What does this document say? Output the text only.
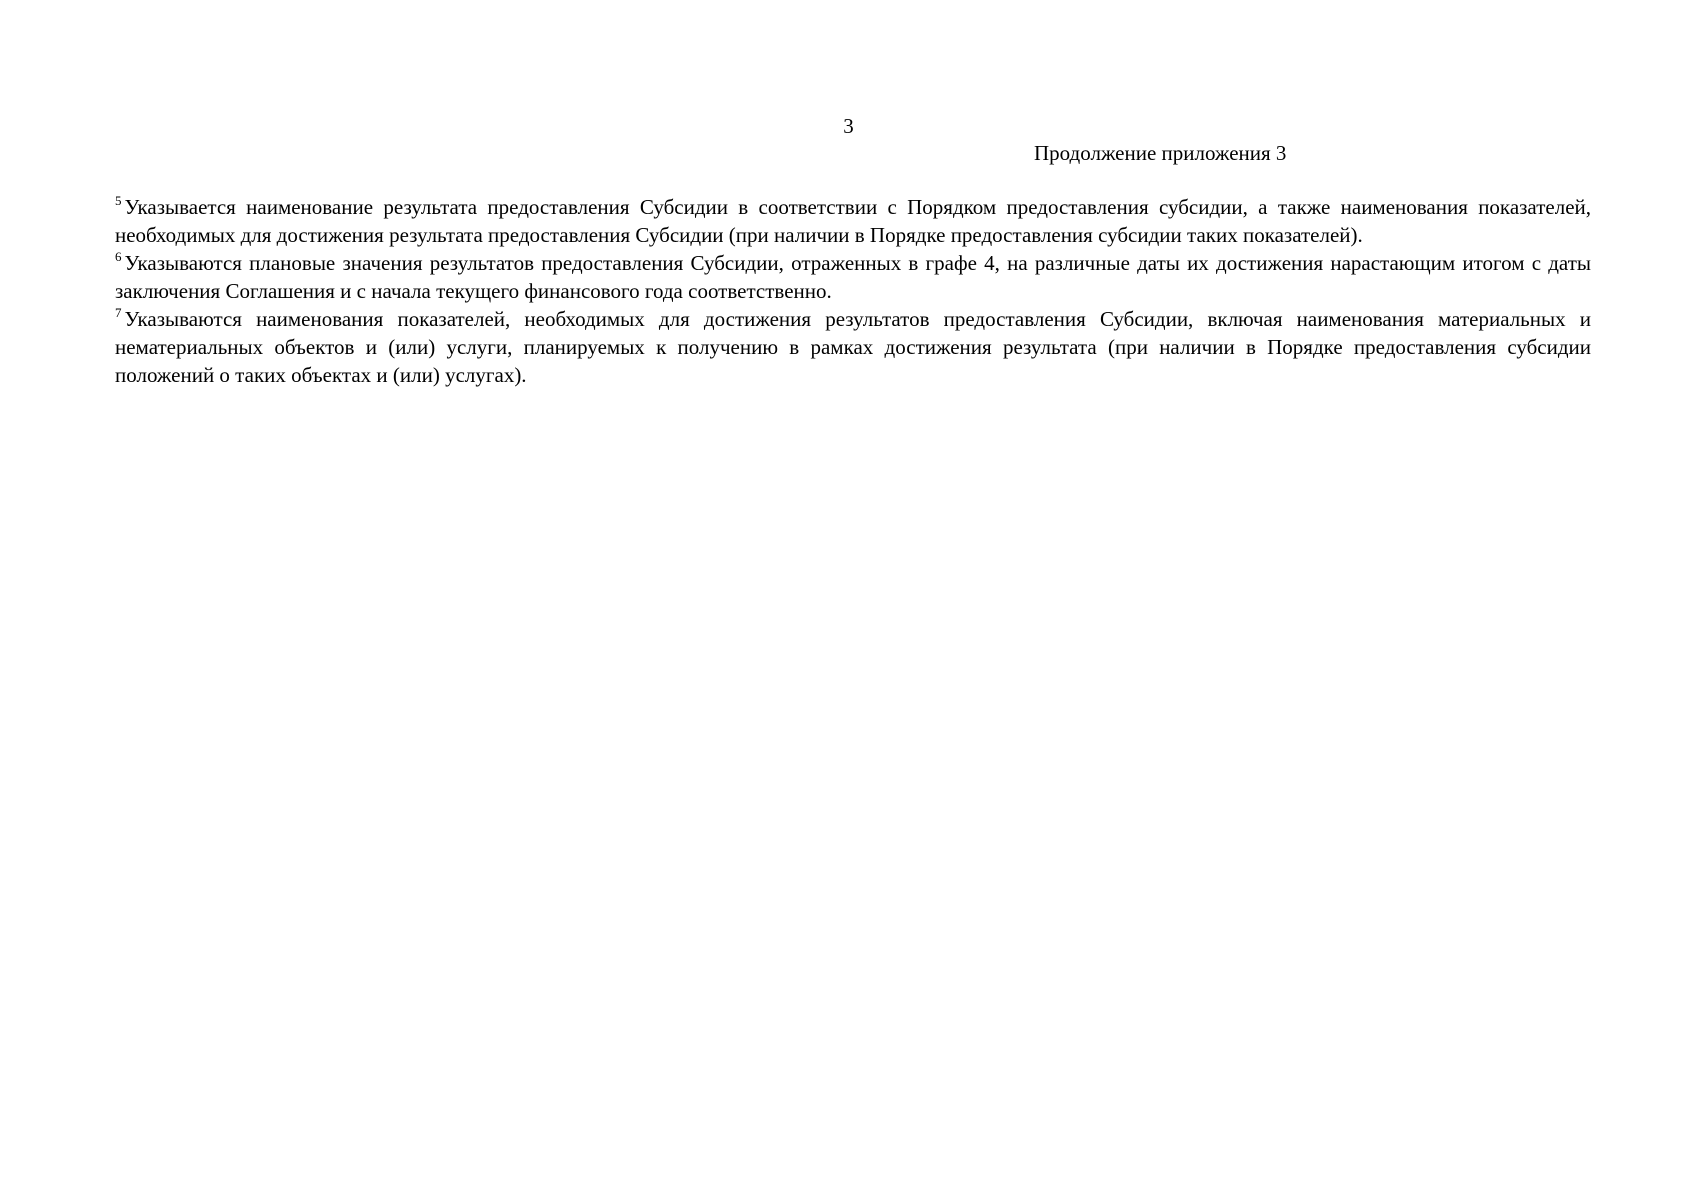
3
Продолжение приложения 3

$^5$ Указывается наименование результата предоставления Субсидии в соответствии с Порядком предоставления субсидии, а также наименования показателей, необходимых для достижения результата предоставления Субсидии (при наличии в Порядке предоставления субсидии таких показателей).

$^6$ Указываются плановые значения результатов предоставления Субсидии, отраженных в графе 4, на различные даты их достижения нарастающим итогом с даты заключения Соглашения и с начала текущего финансового года соответственно.

$^7$ Указываются наименования показателей, необходимых для достижения результатов предоставления Субсидии, включая наименования материальных и нематериальных объектов и (или) услуги, планируемых к получению в рамках достижения результата (при наличии в Порядке предоставления субсидии положений о таких объектах и (или) услугах).
